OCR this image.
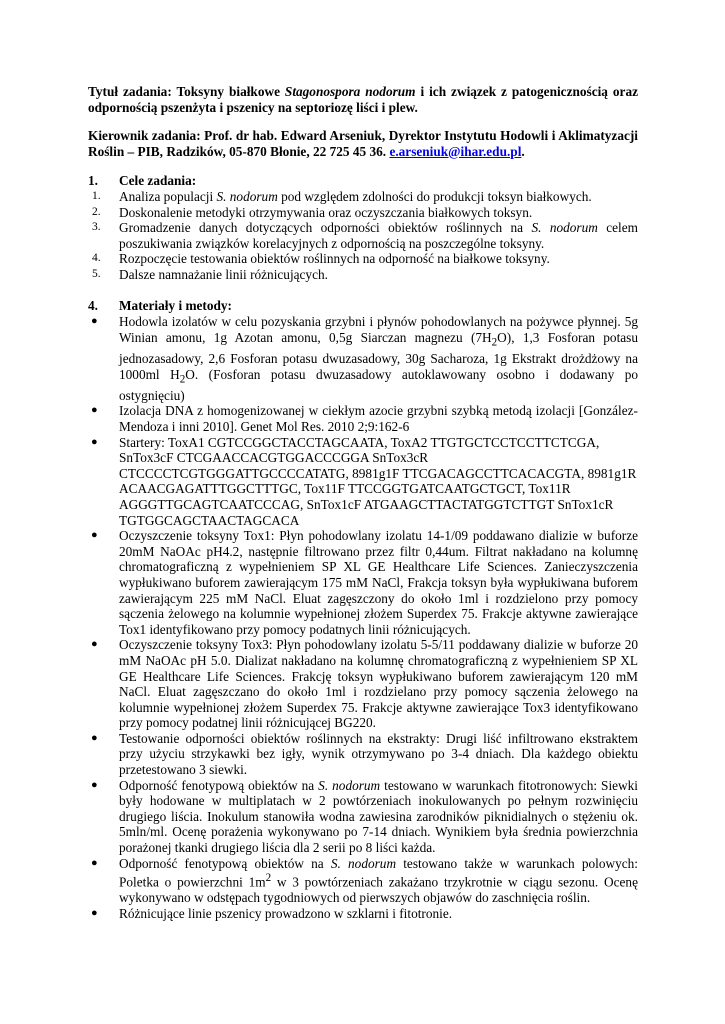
Tytuł zadania: Toksyny białkowe Stagonospora nodorum i ich związek z patogenicznością oraz odpornością pszenżyta i pszenicy na septoriozę liści i plew.

Kierownik zadania: Prof. dr hab. Edward Arseniuk, Dyrektor Instytutu Hodowli i Aklimatyzacji Roślin – PIB, Radzików, 05-870 Błonie, 22 725 45 36. e.arseniuk@ihar.edu.pl.

1.	Cele zadania:
1.	Analiza populacji S. nodorum pod względem zdolności do produkcji toksyn białkowych.
2.	Doskonalenie metodyki otrzymywania oraz oczyszczania białkowych toksyn.
3.	Gromadzenie danych dotyczących odporności obiektów roślinnych na S. nodorum celem poszukiwania związków korelacyjnych z odpornością na poszczególne toksyny.
4.	Rozpoczęcie testowania obiektów roślinnych na odporność na białkowe toksyny.
5.	Dalsze namnażanie linii różnicujących.
4.	Materiały i metody:
●	Hodowla izolatów w celu pozyskania grzybni i płynów pohodowlanych na pożywce płynnej. 5g Winian amonu, 1g Azotan amonu, 0,5g Siarczan magnezu $(7H_2O)$, 1,3 Fosforan potasu jednozasadowy, 2,6 Fosforan potasu dwuzasadowy, 30g Sacharoza, 1g Ekstrakt drożdżowy na 1000ml $H_2O$. (Fosforan potasu dwuzasadowy autoklawowany osobno i dodawany po ostygnięciu)
●	Izolacja DNA z homogenizowanej w ciekłym azocie grzybni szybką metodą izolacji [González-Mendoza i inni 2010]. Genet Mol Res. 2010 2;9:162-6
●	Startery: ToxA1 CGTCCGGCTACCTAGCAATA, ToxA2 TTGTGCTCCTCCTTCTCGA, SnTox3cF CTCGAACCACGTGGACCCGGA SnTox3cR CTCCCCTCGTGGGATTGCCCCATATG, 8981g1F TTCGACAGCCTTCACACGTA, 8981g1R ACAACGAGATTTGGCTTTGC, Tox11F TTCCGGTGATCAATGCTGCT, Tox11R AGGGTTGCAGTCAATCCCAG, SnTox1cF ATGAAGCTTACTATGGTCTTGT SnTox1cR TGTGGCAGCTAACTAGCACA
●	Oczyszczenie toksyny Tox1: Płyn pohodowlany izolatu 14-1/09 poddawano dializie w buforze 20mM NaOAc pH4.2, następnie filtrowano przez filtr 0,44um. Filtrat nakładano na kolumnę chromatograficzną z wypełnieniem SP XL GE Healthcare Life Sciences. Zanieczyszczenia wypłukiwano buforem zawierającym 175 mM NaCl, Frakcja toksyn była wypłukiwana buforem zawierającym 225 mM NaCl. Eluat zagęszczony do około 1ml i rozdzielono przy pomocy sączenia żelowego na kolumnie wypełnionej złożem Superdex 75. Frakcje aktywne zawierające Tox1 identyfikowano przy pomocy podatnych linii różnicujących.
●	Oczyszczenie toksyny Tox3: Płyn pohodowlany izolatu 5-5/11 poddawany dializie w buforze 20 mM NaOAc pH 5.0. Dializat nakładano na kolumnę chromatograficzną z wypełnieniem SP XL GE Healthcare Life Sciences. Frakcję toksyn wypłukiwano buforem zawierającym 120 mM NaCl. Eluat zagęszczano do około 1ml i rozdzielano przy pomocy sączenia żelowego na kolumnie wypełnionej złożem Superdex 75. Frakcje aktywne zawierające Tox3 identyfikowano przy pomocy podatnej linii różnicującej BG220.
●	Testowanie odporności obiektów roślinnych na ekstrakty: Drugi liść infiltrowano ekstraktem przy użyciu strzykawki bez igły, wynik otrzymywano po 3-4 dniach. Dla każdego obiektu przetestowano 3 siewki.
●	Odporność fenotypową obiektów na S. nodorum testowano w warunkach fitotronowych: Siewki były hodowane w multiplatach w 2 powtórzeniach inokulowanych po pełnym rozwinięciu drugiego liścia. Inokulum stanowiła wodna zawiesina zarodników piknidialnych o stężeniu ok. 5mln/ml. Ocenę porażenia wykonywano po 7-14 dniach. Wynikiem była średnia powierzchnia porażonej tkanki drugiego liścia dla 2 serii po 8 liści każda.
●	Odporność fenotypową obiektów na S. nodorum testowano także w warunkach polowych: Poletka o powierzchni $1m^2$ w 3 powtórzeniach zakażano trzykrotnie w ciągu sezonu. Ocenę wykonywano w odstępach tygodniowych od pierwszych objawów do zaschnięcia roślin.
●	Różnicujące linie pszenicy prowadzono w szklarni i fitotronie.
